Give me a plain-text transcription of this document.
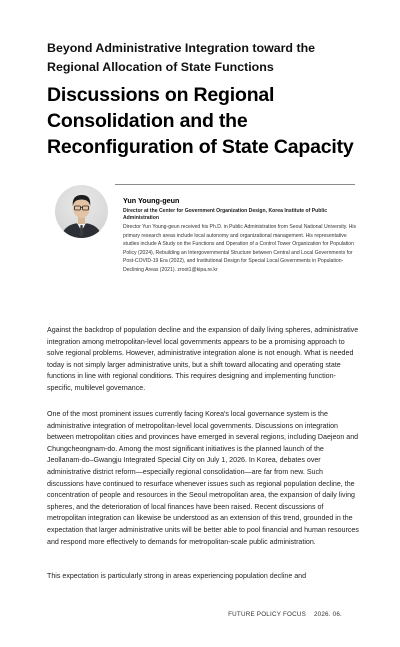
Beyond Administrative Integration toward the Regional Allocation of State Functions
Discussions on Regional Consolidation and the Reconfiguration of State Capacity
Yun Young-geun
Director at the Center for Government Organization Design, Korea Institute of Public Administration
Director Yun Young-geun received his Ph.D. in Public Administration from Seoul National University. His primary research areas include local autonomy and organizational management. His representative studies include A Study on the Functions and Operation of a Control Tower Organization for Population Policy (2024), Rebuilding an Intergovernmental Structure between Central and Local Governments for Post-COVID-19 Era (2022), and Institutional Design for Special Local Governments in Population-Declining Areas (2021). zroot1@kipa.re.kr
Against the backdrop of population decline and the expansion of daily living spheres, administrative integration among metropolitan-level local governments appears to be a promising approach to solve regional problems. However, administrative integration alone is not enough. What is needed today is not simply larger administrative units, but a shift toward allocating and operating state functions in line with regional conditions. This requires designing and implementing function-specific, multilevel governance.
One of the most prominent issues currently facing Korea's local governance system is the administrative integration of metropolitan-level local governments. Discussions on integration between metropolitan cities and provinces have emerged in several regions, including Daejeon and Chungcheongnam-do. Among the most significant initiatives is the planned launch of the Jeollanam-do–Gwangju Integrated Special City on July 1, 2026. In Korea, debates over administrative district reform—especially regional consolidation—are far from new. Such discussions have continued to resurface whenever issues such as regional population decline, the concentration of people and resources in the Seoul metropolitan area, the expansion of daily living spheres, and the deterioration of local finances have been raised. Recent discussions of metropolitan integration can likewise be understood as an extension of this trend, grounded in the expectation that larger administrative units will be better able to pool financial and human resources and respond more effectively to demands for metropolitan-scale public administration.
This expectation is particularly strong in areas experiencing population decline and
FUTURE POLICY FOCUS 2026. 06.
